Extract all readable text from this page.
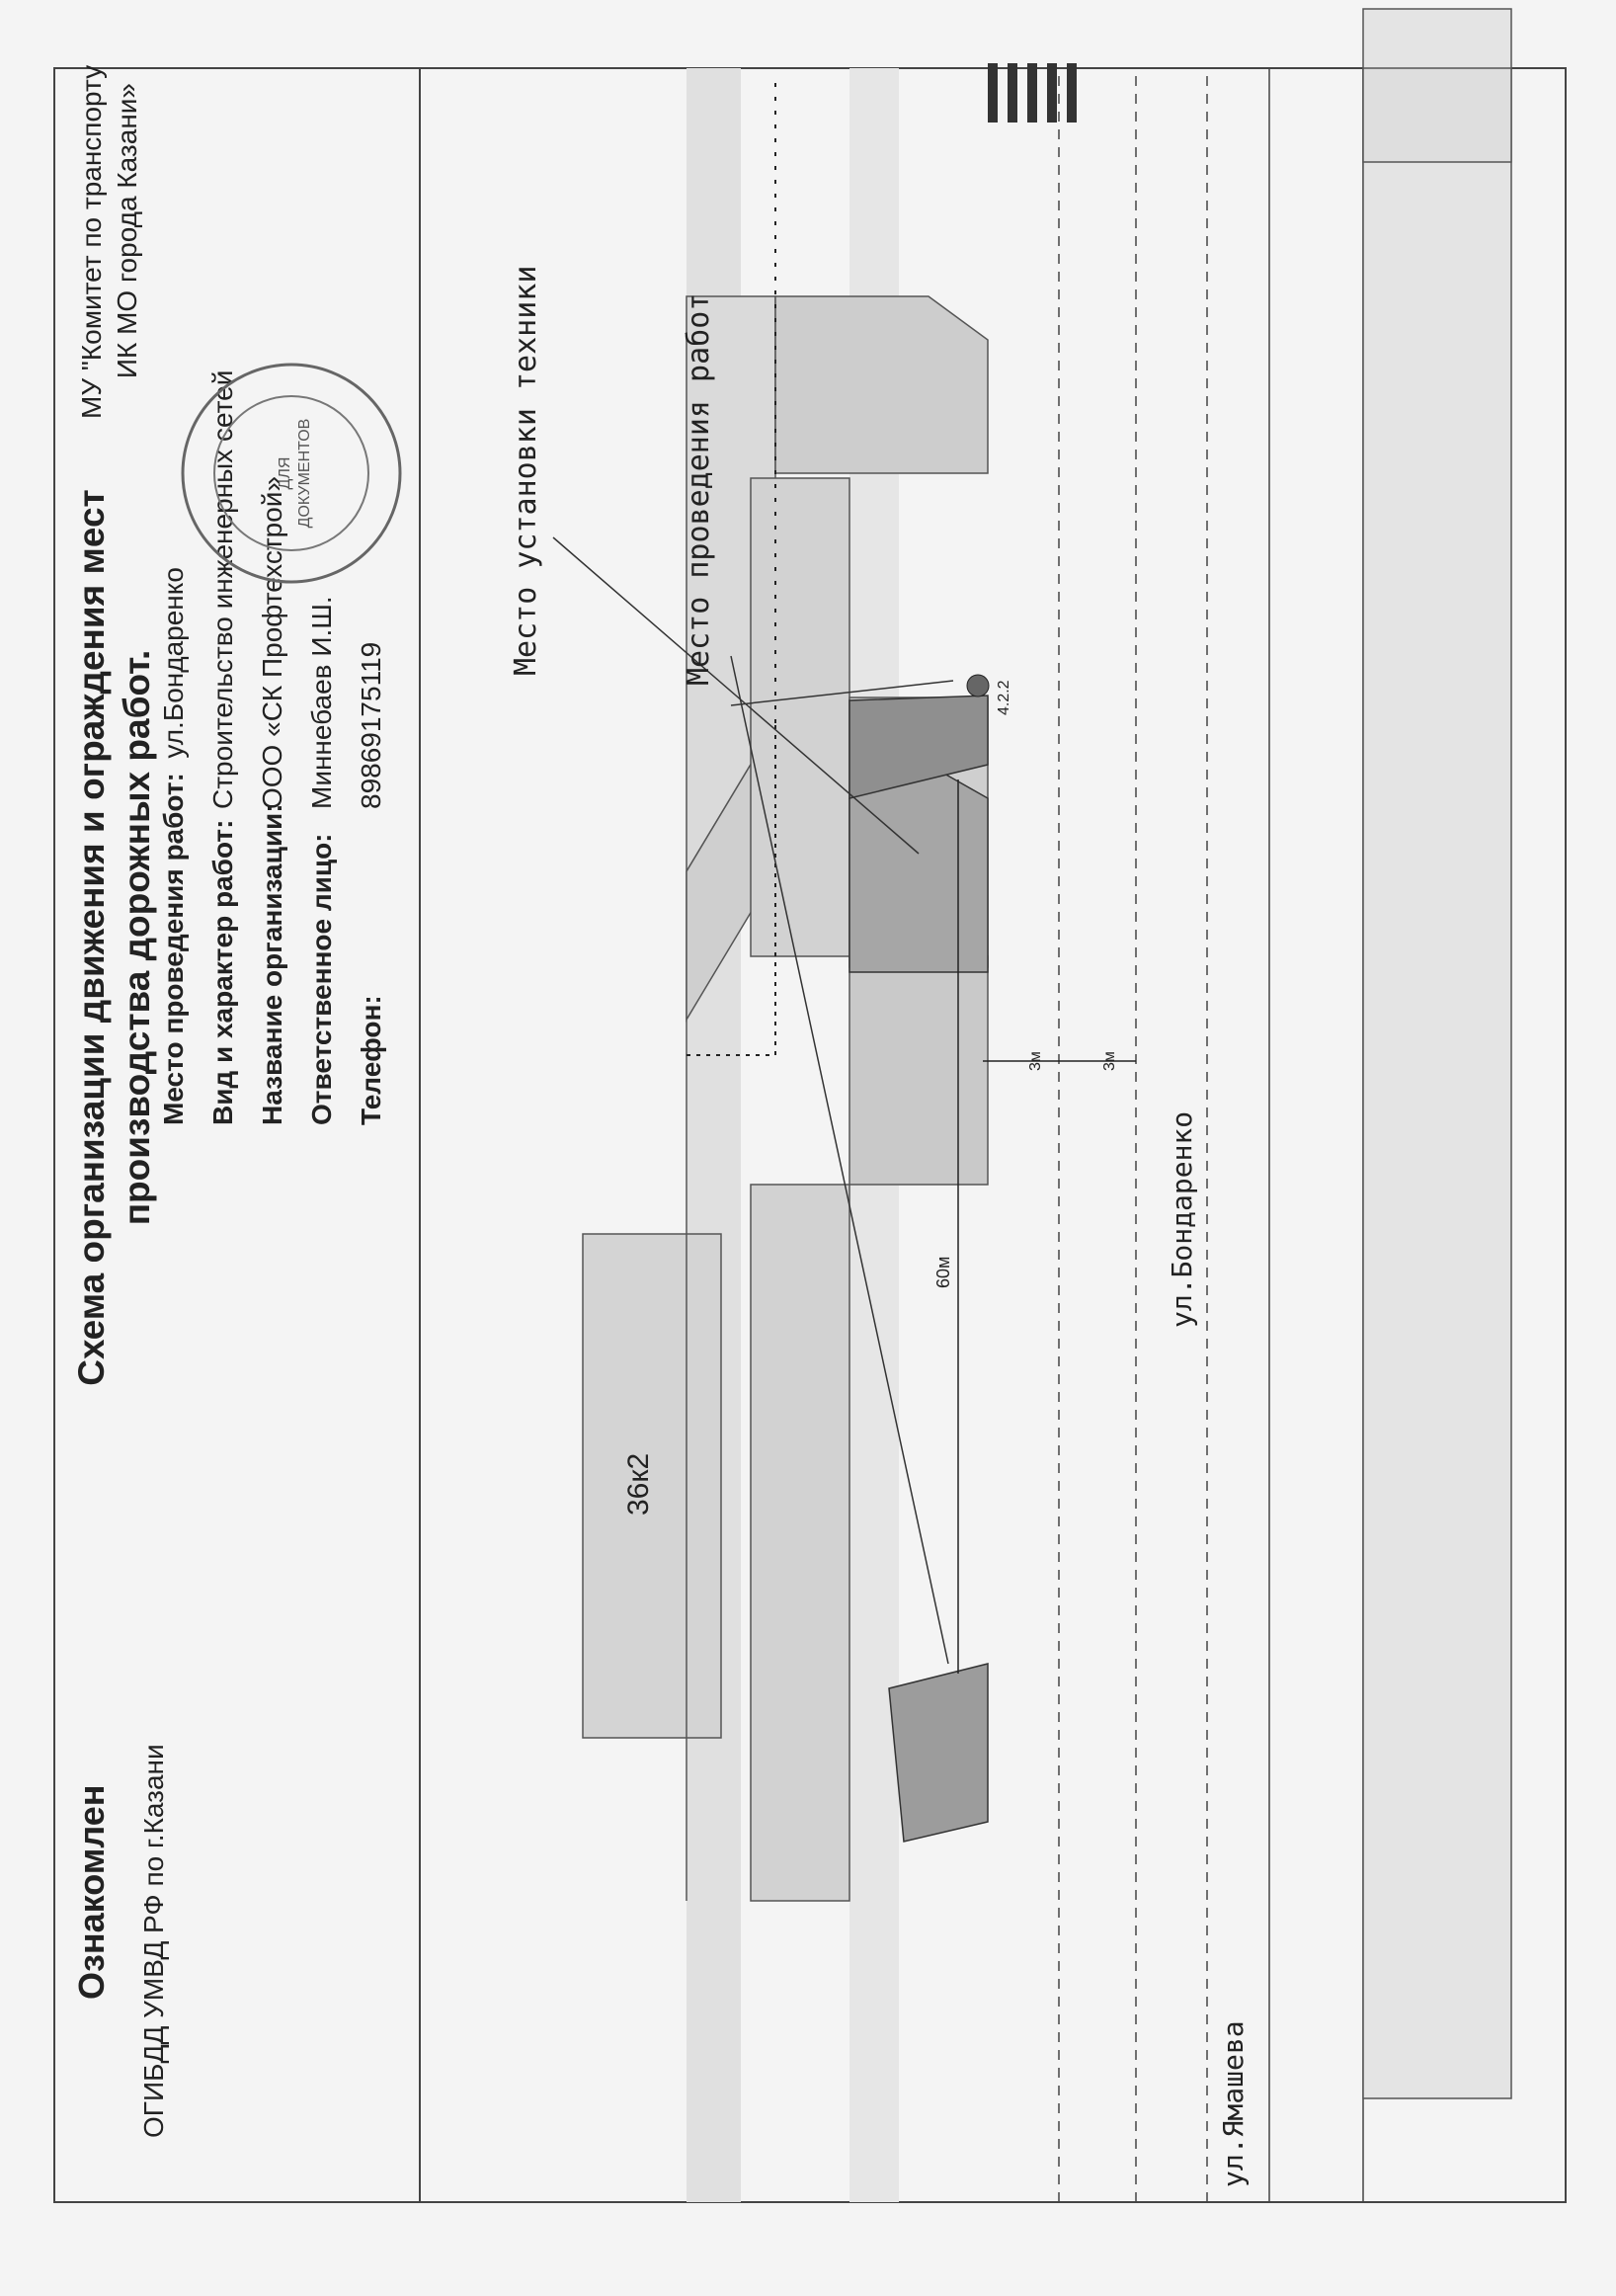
Ознакомлен ОГИБДД УМВД РФ по г.Казани
Схема организации движения и ограждения мест производства дорожных работ. Место проведения работ: ул.Бондаренко
Вид и характер работ:
Строительство инженерных сетей
Название организации:
ООО «СК Профтехстрой»
Ответственное лицо:
Миннебаев И.Ш.
Телефон:
89869175119
МУ "Комитет по транспорту ИК МО города Казани»
ДЛЯ ДОКУМЕНТОВ	Место установки техники	Место проведения работ
36к2
ул.Бондаренко
ул.Ямашева
60м
3м	3м
4.2.2
